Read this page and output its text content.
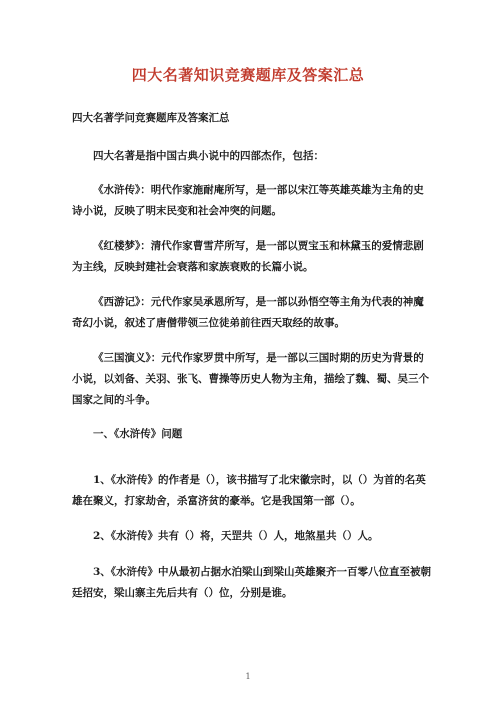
四大名著知识竞赛题库及答案汇总
四大名著学问竞赛题库及答案汇总

四大名著是指中国古典小说中的四部杰作，包括：

《水浒传》：明代作家施耐庵所写，是一部以宋江等英雄英雄为主角的史诗小说，反映了明末民变和社会冲突的问题。

《红楼梦》：清代作家曹雪芹所写，是一部以贾宝玉和林黛玉的爱情悲剧为主线，反映封建社会衰落和家族衰败的长篇小说。

《西游记》：元代作家吴承恩所写，是一部以孙悟空等主角为代表的神魔奇幻小说，叙述了唐僧带领三位徒弟前往西天取经的故事。

《三国演义》：元代作家罗贯中所写，是一部以三国时期的历史为背景的小说，以刘备、关羽、张飞、曹操等历史人物为主角，描绘了魏、蜀、吴三个国家之间的斗争。

一、《水浒传》问题

1、《水浒传》的作者是（），该书描写了北宋徽宗时，以（）为首的名英雄在聚义，打家劫舍，杀富济贫的豪举。它是我国第一部（）。

2、《水浒传》共有（）将，天罡共（）人，地煞星共（）人。

3、《水浒传》中从最初占据水泊梁山到梁山英雄聚齐一百零八位直至被朝廷招安，梁山寨主先后共有（）位，分别是谁。

1
